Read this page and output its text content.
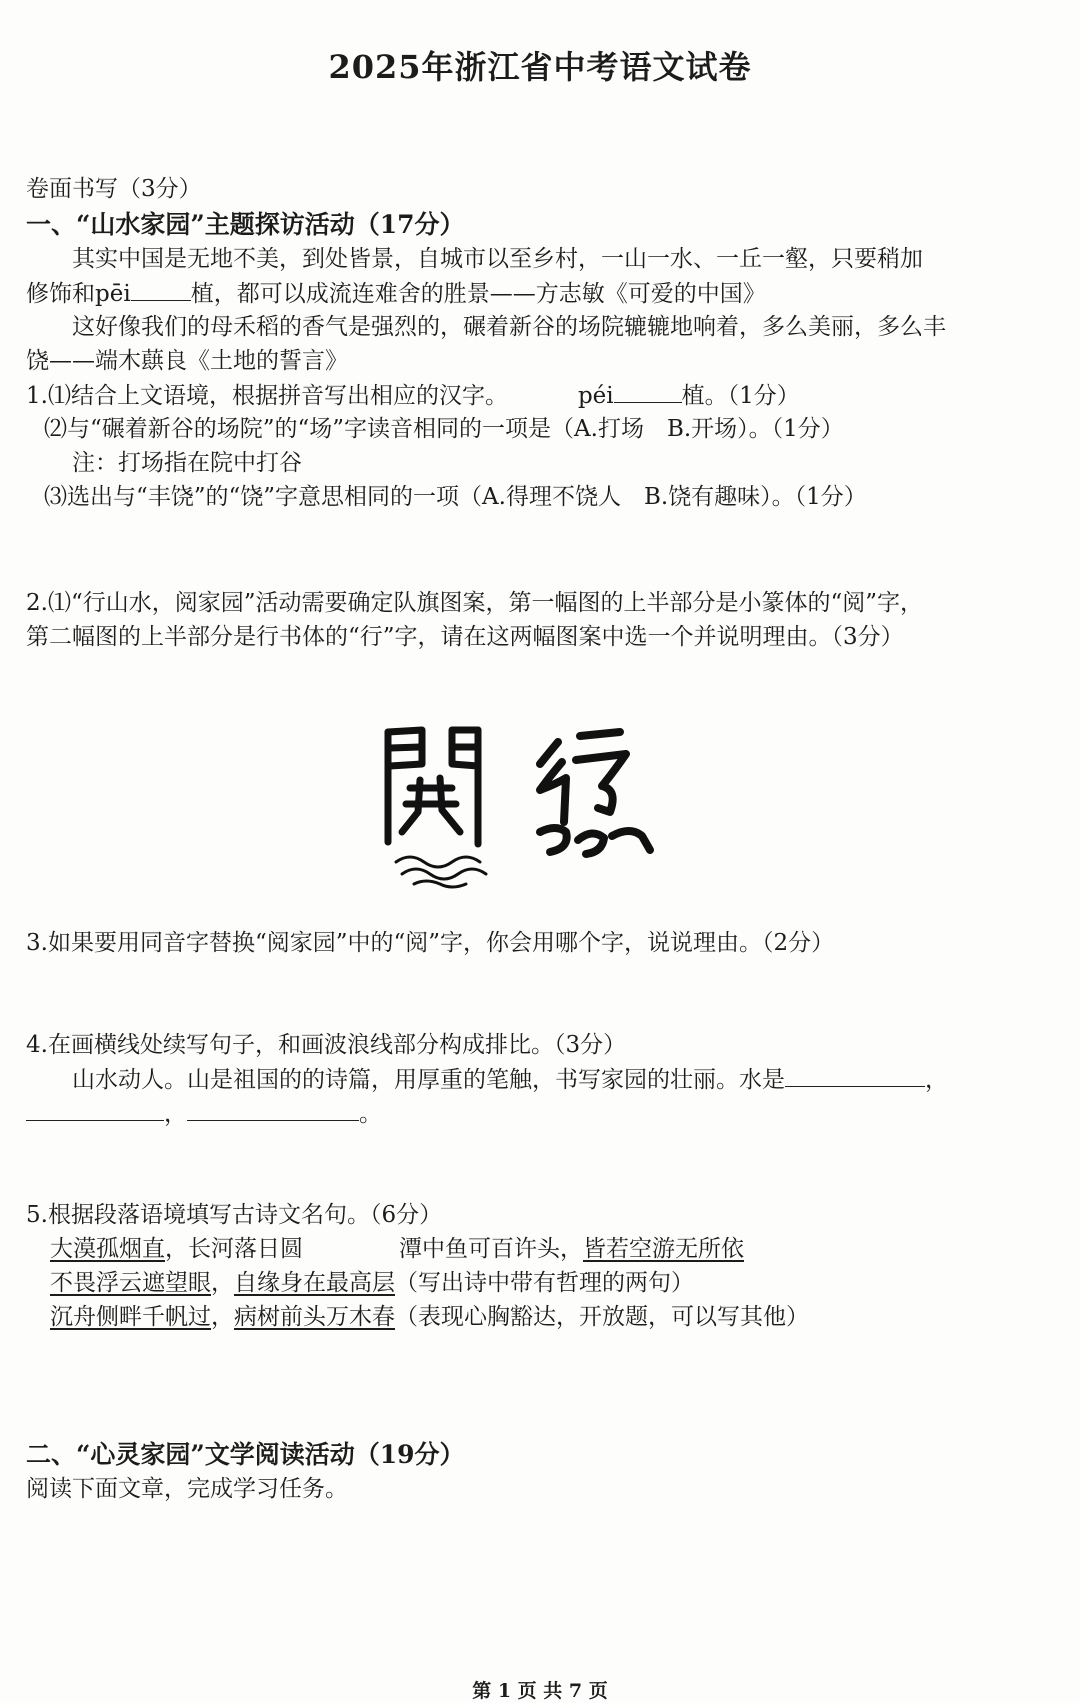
2025年浙江省中考语文试卷
卷面书写（3分）
一、“山水家园”主题探访活动（17分）
其实中国是无地不美，到处皆景，自城市以至乡村，一山一水、一丘一壑，只要稍加
修饰和pēi	植，都可以成流连难舍的胜景——方志敏《可爱的中国》
这好像我们的母禾稻的香气是强烈的，碾着新谷的场院辘辘地响着，多么美丽，多么丰
饶——端木蕻良《土地的誓言》
1.⑴结合上文语境，根据拼音写出相应的汉字。	péi	植。（1分）
⑵与“碾着新谷的场院”的“场”字读音相同的一项是（A.打场　B.开场）。（1分）
注：打场指在院中打谷
⑶选出与“丰饶”的“饶”字意思相同的一项（A.得理不饶人　B.饶有趣味）。（1分）
2.⑴“行山水，阅家园”活动需要确定队旗图案，第一幅图的上半部分是小篆体的“阅”字，
第二幅图的上半部分是行书体的“行”字，请在这两幅图案中选一个并说明理由。（3分）
3.如果要用同音字替换“阅家园”中的“阅”字，你会用哪个字，说说理由。（2分）
4.在画横线处续写句子，和画波浪线部分构成排比。（3分）
山水动人。山是祖国的的诗篇，用厚重的笔触，书写家园的壮丽。水是	，
，	。
5.根据段落语境填写古诗文名句。（6分）
大漠孤烟直，长河落日圆	潭中鱼可百许头，皆若空游无所依
不畏浮云遮望眼，自缘身在最高层（写出诗中带有哲理的两句）
沉舟侧畔千帆过，病树前头万木春（表现心胸豁达，开放题，可以写其他）
二、“心灵家园”文学阅读活动（19分）
阅读下面文章，完成学习任务。
第 1 页 共 7 页
